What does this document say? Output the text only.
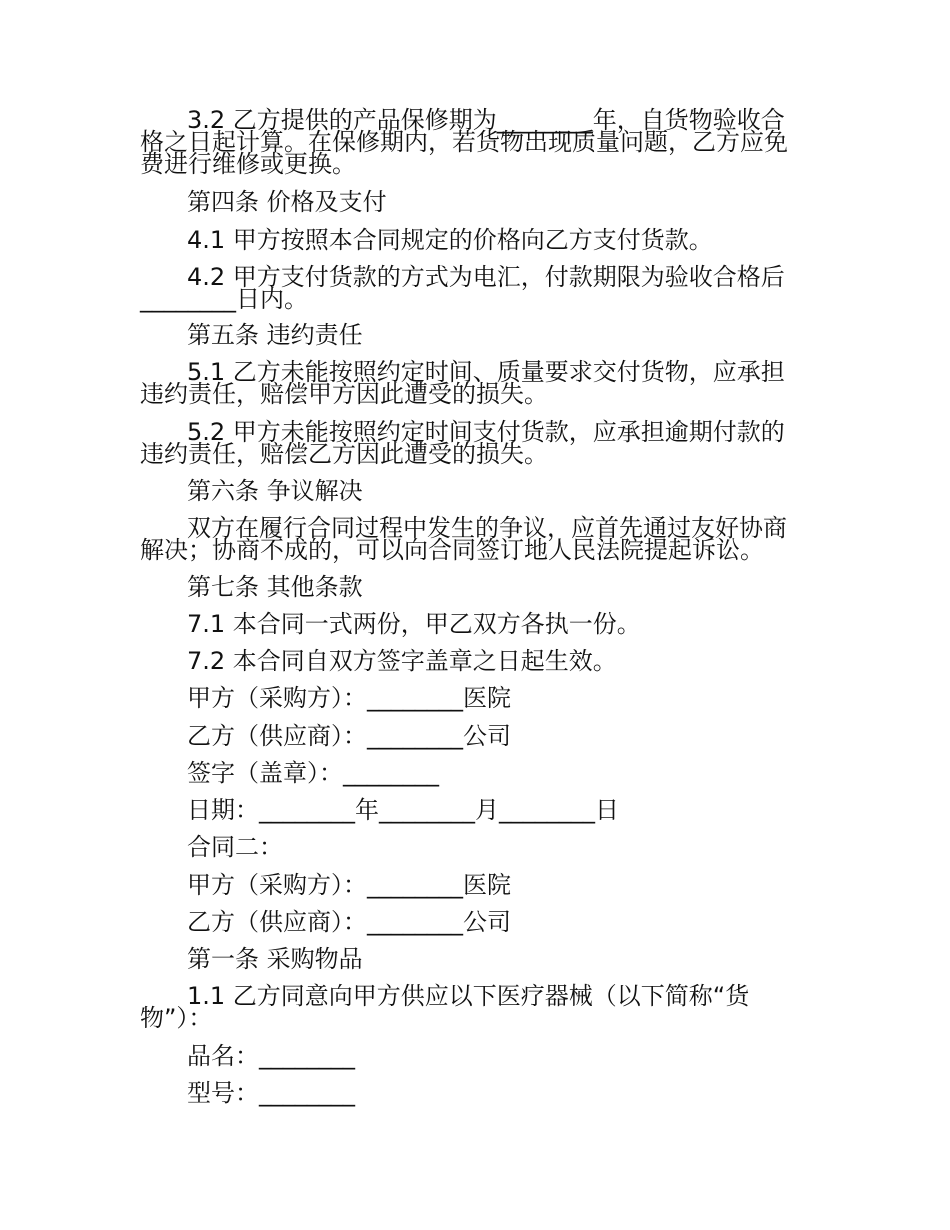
3.2 乙方提供的产品保修期为________年，自货物验收合
格之日起计算。在保修期内，若货物出现质量问题，乙方应免
费进行维修或更换。
第四条 价格及支付
4.1 甲方按照本合同规定的价格向乙方支付货款。
4.2 甲方支付货款的方式为电汇，付款期限为验收合格后
________日内。
第五条 违约责任
5.1 乙方未能按照约定时间、质量要求交付货物，应承担
违约责任，赔偿甲方因此遭受的损失。
5.2 甲方未能按照约定时间支付货款，应承担逾期付款的
违约责任，赔偿乙方因此遭受的损失。
第六条 争议解决
双方在履行合同过程中发生的争议，应首先通过友好协商
解决；协商不成的，可以向合同签订地人民法院提起诉讼。
第七条 其他条款
7.1 本合同一式两份，甲乙双方各执一份。
7.2 本合同自双方签字盖章之日起生效。
甲方（采购方）：________医院
乙方（供应商）：________公司
签字（盖章）：________
日期：________年________月________日
合同二：
甲方（采购方）：________医院
乙方（供应商）：________公司
第一条 采购物品
1.1 乙方同意向甲方供应以下医疗器械（以下简称“货
物”）：
品名：________
型号：________
